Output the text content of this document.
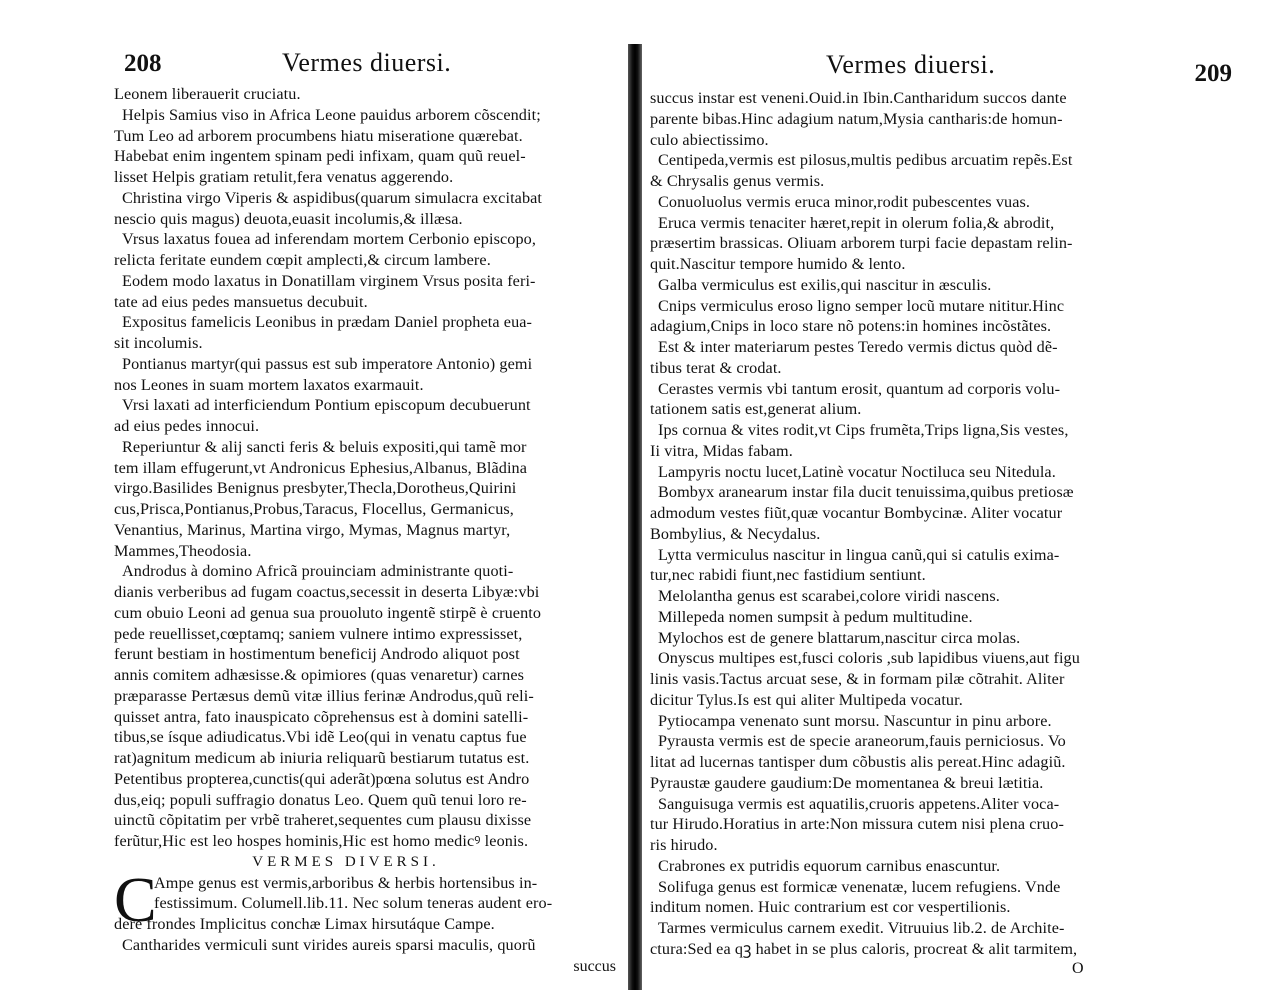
208	Vermes diuersi.
Leonem liberauerit cruciatu.
Helpis Samius viso in Africa Leone pauidus arborem cõscendit;
Tum Leo ad arborem procumbens hiatu miseratione quærebat.
Habebat enim ingentem spinam pedi infixam, quam quũ reuel-
lisset Helpis gratiam retulit,fera venatus aggerendo.
Christina virgo Viperis & aspidibus(quarum simulacra excitabat
nescio quis magus) deuota,euasit incolumis,& illæsa.
Vrsus laxatus fouea ad inferendam mortem Cerbonio episcopo,
relicta feritate eundem cœpit amplecti,& circum lambere.
Eodem modo laxatus in Donatillam virginem Vrsus posita feri-
tate ad eius pedes mansuetus decubuit.
Expositus famelicis Leonibus in prædam Daniel propheta eua-
sit incolumis.
Pontianus martyr(qui passus est sub imperatore Antonio) gemi
nos Leones in suam mortem laxatos exarmauit.
Vrsi laxati ad interficiendum Pontium episcopum decubuerunt
ad eius pedes innocui.
Reperiuntur & alij sancti feris & beluis expositi,qui tamẽ mor
tem illam effugerunt,vt Andronicus Ephesius,Albanus, Blãdina
virgo.Basilides Benignus presbyter,Thecla,Dorotheus,Quirini
cus,Prisca,Pontianus,Probus,Taracus, Flocellus, Germanicus,
Venantius, Marinus, Martina virgo, Mymas, Magnus martyr,
Mammes,Theodosia.
Androdus à domino Africã prouinciam administrante quoti-
dianis verberibus ad fugam coactus,secessit in deserta Libyæ:vbi
cum obuio Leoni ad genua sua prouoluto ingentẽ stirpẽ è cruento
pede reuellisset,cœptamq; saniem vulnere intimo expressisset,
ferunt bestiam in hostimentum beneficij Androdo aliquot post
annis comitem adhæsisse.& opimiores (quas venaretur) carnes
præparasse Pertæsus demũ vitæ illius ferinæ Androdus,quũ reli-
quisset antra, fato inauspicato cõprehensus est à domini satelli-
tibus,se ísque adiudicatus.Vbi idẽ Leo(qui in venatu captus fue
rat)agnitum medicum ab iniuria reliquarũ bestiarum tutatus est.
Petentibus propterea,cunctis(qui aderãt)pœna solutus est Andro
dus,eiq; populi suffragio donatus Leo. Quem quũ tenui loro re-
uinctũ cõpitatim per vrbẽ traheret,sequentes cum plausu dixisse
ferũtur,Hic est leo hospes hominis,Hic est homo medicꝰ leonis.
VERMES DIVERSI.
Ampe genus est vermis,arboribus & herbis hortensibus in-
festissimum. Columell.lib.11. Nec solum teneras audent ero-
dere frondes Implicitus conchæ Limax hirsutáque Campe.
Cantharides vermiculi sunt virides aureis sparsi maculis, quorũ
succus
C
Vermes diuersi.	209
succus instar est veneni.Ouid.in Ibin.Cantharidum succos dante
parente bibas.Hinc adagium natum,Mysia cantharis:de homun-
culo abiectissimo.
Centipeda,vermis est pilosus,multis pedibus arcuatim repẽs.Est
& Chrysalis genus vermis.
Conuoluolus vermis eruca minor,rodit pubescentes vuas.
Eruca vermis tenaciter hæret,repit in olerum folia,& abrodit,
præsertim brassicas. Oliuam arborem turpi facie depastam relin-
quit.Nascitur tempore humido & lento.
Galba vermiculus est exilis,qui nascitur in æsculis.
Cnips vermiculus eroso ligno semper locũ mutare nititur.Hinc
adagium,Cnips in loco stare nõ potens:in homines incõstãtes.
Est & inter materiarum pestes Teredo vermis dictus quòd dẽ-
tibus terat & crodat.
Cerastes vermis vbi tantum erosit, quantum ad corporis volu-
tationem satis est,generat alium.
Ips cornua & vites rodit,vt Cips frumẽta,Trips ligna,Sis vestes,
Ii vitra, Midas fabam.
Lampyris noctu lucet,Latinè vocatur Noctiluca seu Nitedula.
Bombyx aranearum instar fila ducit tenuissima,quibus pretiosæ
admodum vestes fiũt,quæ vocantur Bombycinæ. Aliter vocatur
Bombylius, & Necydalus.
Lytta vermiculus nascitur in lingua canũ,qui si catulis exima-
tur,nec rabidi fiunt,nec fastidium sentiunt.
Melolantha genus est scarabei,colore viridi nascens.
Millepeda nomen sumpsit à pedum multitudine.
Mylochos est de genere blattarum,nascitur circa molas.
Onyscus multipes est,fusci coloris ,sub lapidibus viuens,aut figu
linis vasis.Tactus arcuat sese, & in formam pilæ cõtrahit. Aliter
dicitur Tylus.Is est qui aliter Multipeda vocatur.
Pytiocampa venenato sunt morsu. Nascuntur in pinu arbore.
Pyrausta vermis est de specie araneorum,fauis perniciosus. Vo
litat ad lucernas tantisper dum cõbustis alis pereat.Hinc adagiũ.
Pyraustæ gaudere gaudium:De momentanea & breui lætitia.
Sanguisuga vermis est aquatilis,cruoris appetens.Aliter voca-
tur Hirudo.Horatius in arte:Non missura cutem nisi plena cruo-
ris hirudo.
Crabrones ex putridis equorum carnibus enascuntur.
Solifuga genus est formicæ venenatæ, lucem refugiens. Vnde
inditum nomen. Huic contrarium est cor vespertilionis.
Tarmes vermiculus carnem exedit. Vitruuius lib.2. de Archite-
ctura:Sed ea qꝫ habet in se plus caloris, procreat & alit tarmitem,
O
